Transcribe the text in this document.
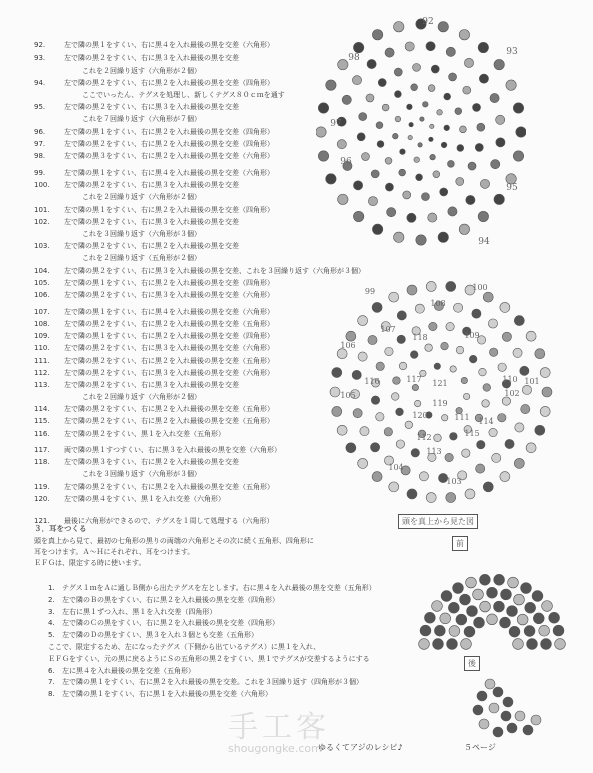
92.	左で隣の黒１をすくい、右に黒４を入れ最後の黒を交差（六角形）
93.	左で隣の黒２をすくい、右に黒３を入れ最後の黒を交差
これを２回繰り返す（六角形が２個）
94.	左で隣の黒２をすくい、右に黒２を入れ最後の黒を交差（四角形）
ここでいったん、テグスを処理し、新しくテグス８０ｃｍを通す
95.	左で隣の黒２をすくい、右に黒３を入れ最後の黒を交差
これを７回繰り返す（六角形が７個）
96.	左で隣の黒１をすくい、右に黒２を入れ最後の黒を交差（四角形）
97.	左で隣の黒２をすくい、右に黒２を入れ最後の黒を交差（四角形）
98.	左で隣の黒３をすくい、右に黒２を入れ最後の黒を交差（六角形）
99.	左で隣の黒１をすくい、右に黒４を入れ最後の黒を交差（六角形）
100. 左で隣の黒２をすくい、右に黒３を入れ最後の黒を交差
これを２回繰り返す（六角形が２個）
101. 左で隣の黒１をすくい、右に黒２を入れ最後の黒を交差（四角形）
102. 左で隣の黒２をすくい、右に黒３を入れ最後の黒を交差
これを３回繰り返す（六角形が３個）
103. 左で隣の黒２をすくい、右に黒２を入れ最後の黒を交差
これを２回繰り返す（五角形が２個）
104. 左で隣の黒２をすくい、右に黒３を入れ最後の黒を交差、これを３回繰り返す（六角形が３個）
105. 左で隣の黒１をすくい、右に黒２を入れ最後の黒を交差（四角形）
106. 左で隣の黒２をすくい、右に黒３を入れ最後の黒を交差（六角形）
107. 左で隣の黒１をすくい、右に黒４を入れ最後の黒を交差（六角形）
108. 左で隣の黒２をすくい、右に黒２を入れ最後の黒を交差（五角形）
109. 左で隣の黒１をすくい、右に黒２を入れ最後の黒を交差（四角形）
110. 左で隣の黒２をすくい、右に黒３を入れ最後の黒を交差（六角形）
111. 左で隣の黒２をすくい、右に黒２を入れ最後の黒を交差（五角形）
112. 左で隣の黒２をすくい、右に黒３を入れ最後の黒を交差（六角形）
113. 左で隣の黒２をすくい、右に黒３を入れ最後の黒を交差
これを２回繰り返す（六角形が２個）
114. 左で隣の黒２をすくい、右に黒２を入れ最後の黒を交差（五角形）
115. 左で隣の黒２をすくい、右に黒２を入れ最後の黒を交差（五角形）
116. 左で隣の黒２をすくい、黒１を入れ交差（五角形）
117. 両で隣の黒１すつすくい、右に黒３を入れ最後の黒を交差（六角形）
118. 左で隣の黒３をすくい、右に黒２を入れ最後の黒を交差
これを３回繰り返す（六角形が３個）
119. 左で隣の黒２をすくい、右に黒２を入れ最後の黒を交差（五角形）
120. 左で隣の黒４をすくい、黒１を入れ交差（六角形）
121. 最後に六角形ができるので、テグスを１周して処理する（六角形）
３．耳をつくる
頭を真上から見て、最初の七角形の黒りの両端の六角形とその次に続く五角形、四角形に
耳をつけます。Ａ～Ｈにそれぞれ、耳をつけます。
ＥＦＧは、限定する時に使います。
1. テグス１ｍをＡに通しＢ側から出たテグスを左とします。右に黒４を入れ最後の黒を交差（五角形）
2. 左で隣のＢの黒をすくい、右に黒２を入れ最後の黒を交差（四角形）
3. 左右に黒１ずつ入れ、黒１を入れ交差（四角形）
4. 左で隣のＣの黒をすくい、右に黒２を入れ最後の黒を交差（四角形）
5. 左で隣のＤの黒をすくい、黒３を入れ３個とも交差（五角形）
ここで、限定するため、左になったテグス（下側から出ているテグス）に黒１を入れ、
ＥＦＧをすくい、元の黒に戻るようにＳの五角形の黒２をすくい、黒１でテグスが交差するようにする
6. 左に黒４を入れ最後の黒を交差（五角形）
7. 左で隣の黒１をすくい、右に黒２を入れ最後の黒を交差。これを３回繰り返す（四角形が３個）
8. 左で隣の黒１をすくい、右に黒１を入れ最後の黒を交差（六角形）
92
93
98
97
96
95
94
99	100
108
107
106
118
117
116
105
121
120
119
111
110 101
102
104
103
115
114
113
112
109
頭を真上から見た図
前
後
手工客
shougongke.com
ゆるくてアジのレシピ♪	５ページ
